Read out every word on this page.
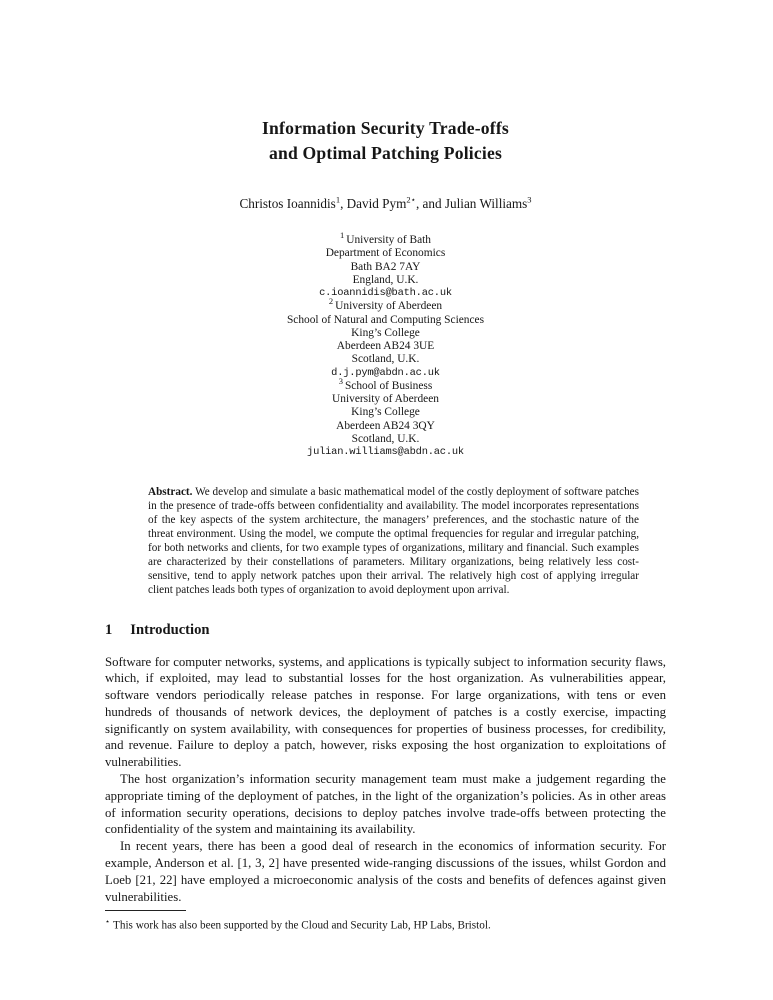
Information Security Trade-offs
and Optimal Patching Policies
Christos Ioannidis$^1$, David Pym$^{2⋆}$, and Julian Williams$^3$
$^1$ University of Bath
Department of Economics
Bath BA2 7AY
England, U.K.
c.ioannidis@bath.ac.uk
$^2$ University of Aberdeen
School of Natural and Computing Sciences
King’s College
Aberdeen AB24 3UE
Scotland, U.K.
d.j.pym@abdn.ac.uk
$^3$ School of Business
University of Aberdeen
King’s College
Aberdeen AB24 3QY
Scotland, U.K.
julian.williams@abdn.ac.uk
Abstract. We develop and simulate a basic mathematical model of the costly deployment of software patches in the presence of trade-offs between confidentiality and availability. The model incorporates representations of the key aspects of the system architecture, the managers’ preferences, and the stochastic nature of the threat environment. Using the model, we compute the optimal frequencies for regular and irregular patching, for both networks and clients, for two example types of organizations, military and financial. Such examples are characterized by their constellations of parameters. Military organizations, being relatively less cost-sensitive, tend to apply network patches upon their arrival. The relatively high cost of applying irregular client patches leads both types of organization to avoid deployment upon arrival.
1 Introduction

Software for computer networks, systems, and applications is typically subject to information security flaws, which, if exploited, may lead to substantial losses for the host organization. As vulnerabilities appear, software vendors periodically release patches in response. For large organizations, with tens or even hundreds of thousands of network devices, the deployment of patches is a costly exercise, impacting significantly on system availability, with consequences for properties of business processes, for credibility, and revenue. Failure to deploy a patch, however, risks exposing the host organization to exploitations of vulnerabilities.

The host organization’s information security management team must make a judgement regarding the appropriate timing of the deployment of patches, in the light of the organization’s policies. As in other areas of information security operations, decisions to deploy patches involve trade-offs between protecting the confidentiality of the system and maintaining its availability.

In recent years, there has been a good deal of research in the economics of information security. For example, Anderson et al. [1, 3, 2] have presented wide-ranging discussions of the issues, whilst Gordon and Loeb [21, 22] have employed a microeconomic analysis of the costs and benefits of defences against given vulnerabilities.

⋆ This work has also been supported by the Cloud and Security Lab, HP Labs, Bristol.
